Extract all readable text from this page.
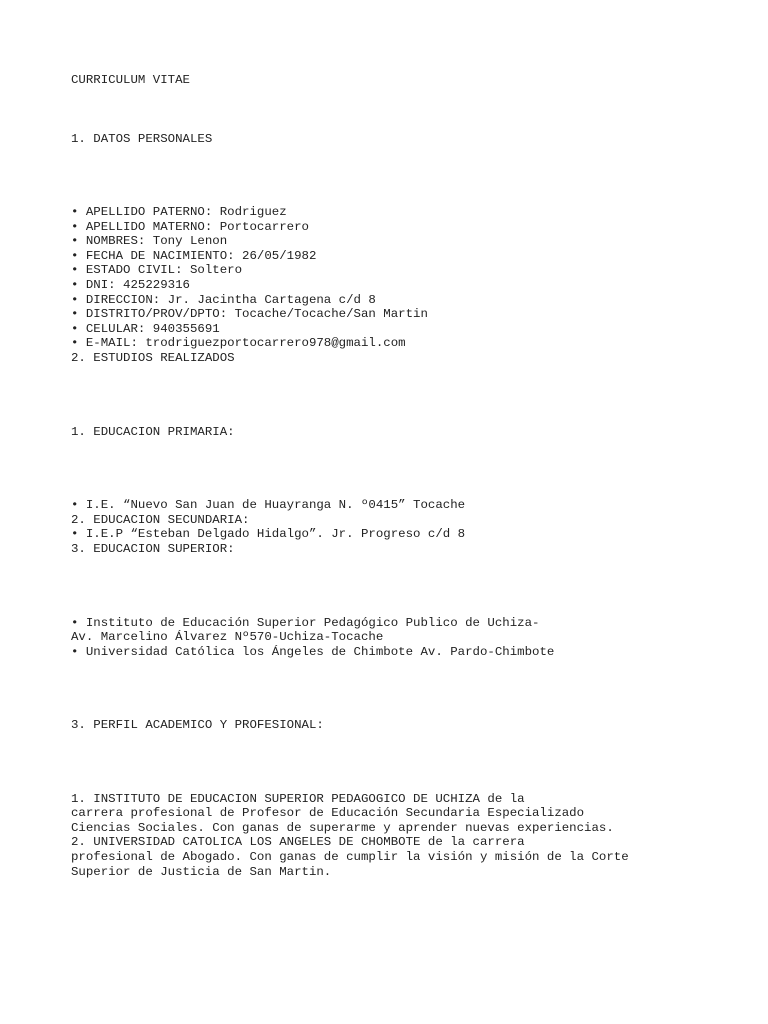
CURRICULUM VITAE
1. DATOS PERSONALES
• APELLIDO PATERNO: Rodriguez
• APELLIDO MATERNO: Portocarrero
• NOMBRES: Tony Lenon
• FECHA DE NACIMIENTO: 26/05/1982
• ESTADO CIVIL: Soltero
• DNI: 425229316
• DIRECCION: Jr. Jacintha Cartagena c/d 8
• DISTRITO/PROV/DPTO: Tocache/Tocache/San Martin
• CELULAR: 940355691
• E-MAIL: trodriguezportocarrero978@gmail.com
2. ESTUDIOS REALIZADOS
1. EDUCACION PRIMARIA:
• I.E. “Nuevo San Juan de Huayranga N. º0415” Tocache
2. EDUCACION SECUNDARIA:
• I.E.P “Esteban Delgado Hidalgo”. Jr. Progreso c/d 8
3. EDUCACION SUPERIOR:
• Instituto de Educación Superior Pedagógico Publico de Uchiza-
Av. Marcelino Álvarez Nº570-Uchiza-Tocache
• Universidad Católica los Ángeles de Chimbote Av. Pardo-Chimbote
3. PERFIL ACADEMICO Y PROFESIONAL:
1. INSTITUTO DE EDUCACION SUPERIOR PEDAGOGICO DE UCHIZA de la
carrera profesional de Profesor de Educación Secundaria Especializado
Ciencias Sociales. Con ganas de superarme y aprender nuevas experiencias.
2. UNIVERSIDAD CATOLICA LOS ANGELES DE CHOMBOTE de la carrera
profesional de Abogado. Con ganas de cumplir la visión y misión de la Corte
Superior de Justicia de San Martin.
